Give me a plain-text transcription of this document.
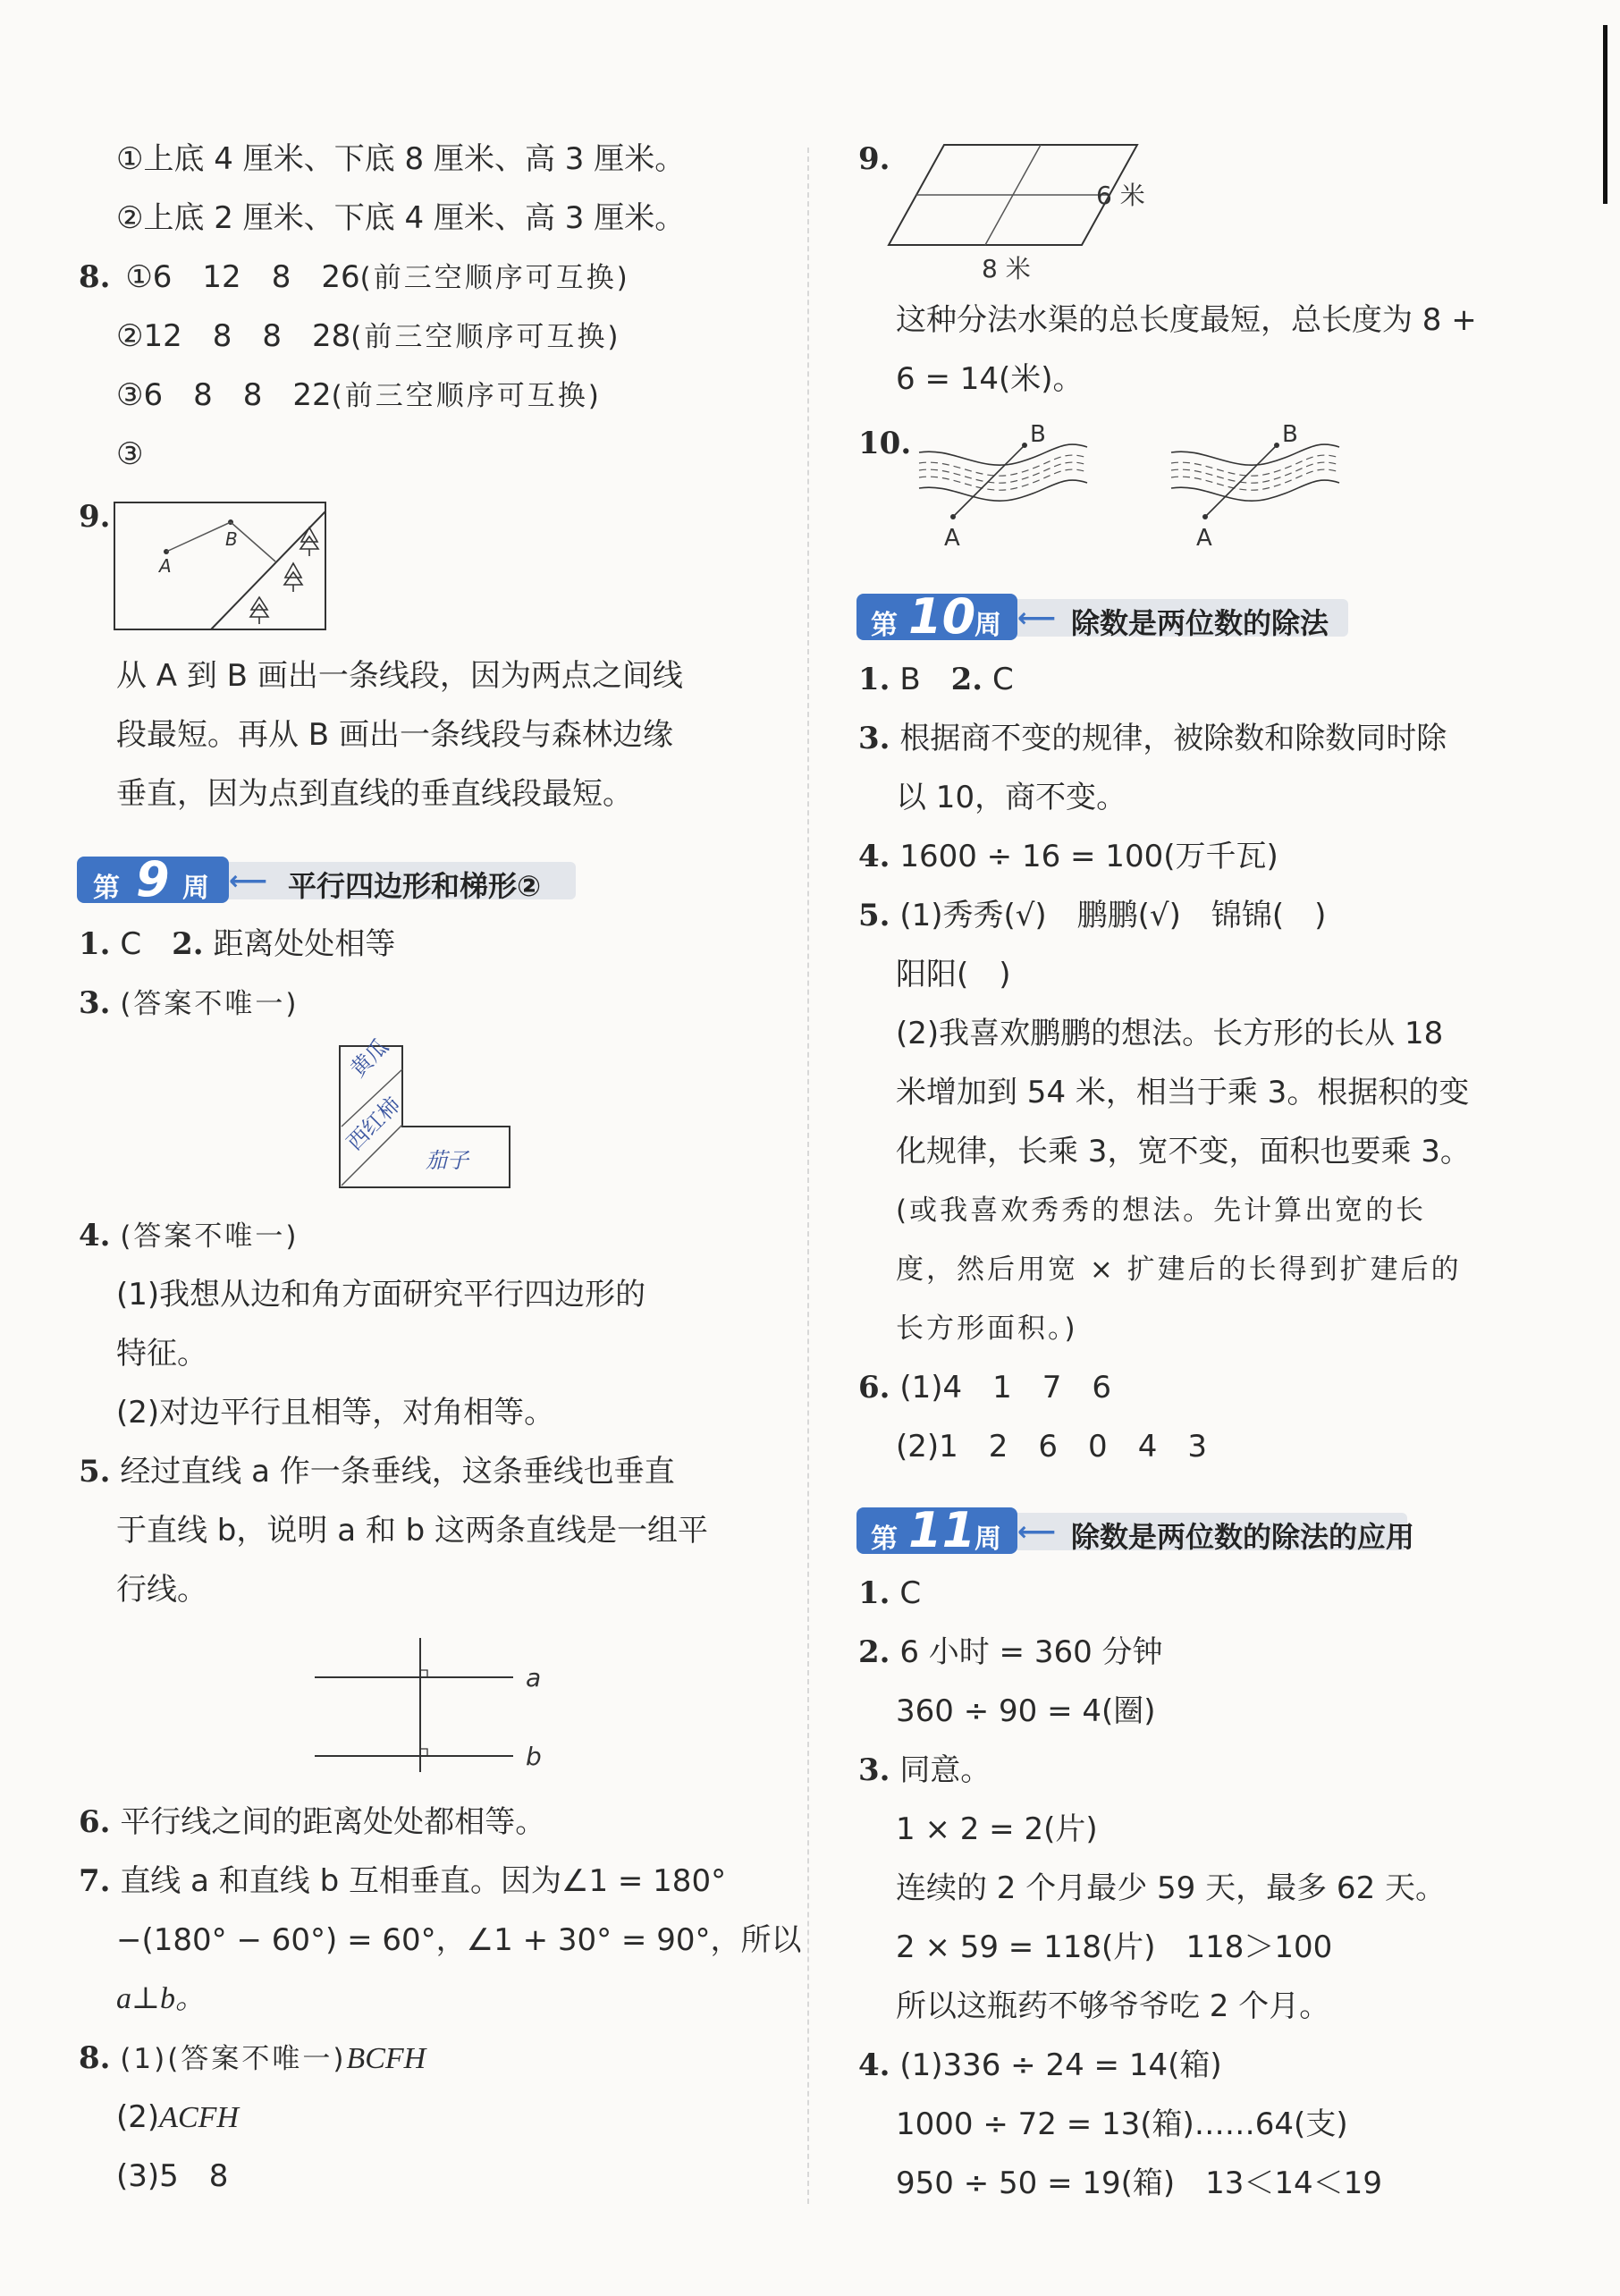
①上底 4 厘米、下底 8 厘米、高 3 厘米。
②上底 2 厘米、下底 4 厘米、高 3 厘米。
8. ①6　12　8　26(前三空顺序可互换)
②12　8　8　28(前三空顺序可互换)
③6　8　8　22(前三空顺序可互换)
③
9.
A
B
从 A 到 B 画出一条线段，因为两点之间线
段最短。再从 B 画出一条线段与森林边缘
垂直，因为点到直线的垂直线段最短。
第 9 周 ⟵ 平行四边形和梯形②
1. C　 2. 距离处处相等
3. (答案不唯一)
黄瓜
西红柿
茄子
4. (答案不唯一)
(1)我想从边和角方面研究平行四边形的
特征。
(2)对边平行且相等，对角相等。
5. 经过直线 a 作一条垂线，这条垂线也垂直
于直线 b，说明 a 和 b 这两条直线是一组平
行线。
a
b
6. 平行线之间的距离处处都相等。
7. 直线 a 和直线 b 互相垂直。因为∠1 = 180°
−(180° − 60°) = 60°，∠1 + 30° = 90°，所以
a⊥b。
8. (1)(答案不唯一)BCFH
(2)ACFH
(3)5　8
9.
8 米
6 米
这种分法水渠的总长度最短，总长度为 8 +
6 = 14(米)。
10.
A
B
A
B
第 10
周 ⟵ 除数是两位数的除法
1. B　 2. C
3. 根据商不变的规律，被除数和除数同时除
以 10，商不变。
4. 1600 ÷ 16 = 100(万千瓦)
5. (1)秀秀(√)　鹏鹏(√)　锦锦(　)
阳阳(　)
(2)我喜欢鹏鹏的想法。长方形的长从 18
米增加到 54 米，相当于乘 3。根据积的变
化规律，长乘 3，宽不变，面积也要乘 3。
(或我喜欢秀秀的想法。先计算出宽的长
度，然后用宽 × 扩建后的长得到扩建后的
长方形面积。)
6. (1)4　1　7　6
(2)1　2　6　0　4　3
第 11
周 ⟵ 除数是两位数的除法的应用
1. C
2. 6 小时 = 360 分钟
360 ÷ 90 = 4(圈)
3. 同意。
1 × 2 = 2(片)
连续的 2 个月最少 59 天，最多 62 天。
2 × 59 = 118(片)　118＞100
所以这瓶药不够爷爷吃 2 个月。
4. (1)336 ÷ 24 = 14(箱)
1000 ÷ 72 = 13(箱)……64(支)
950 ÷ 50 = 19(箱)　13＜14＜19
